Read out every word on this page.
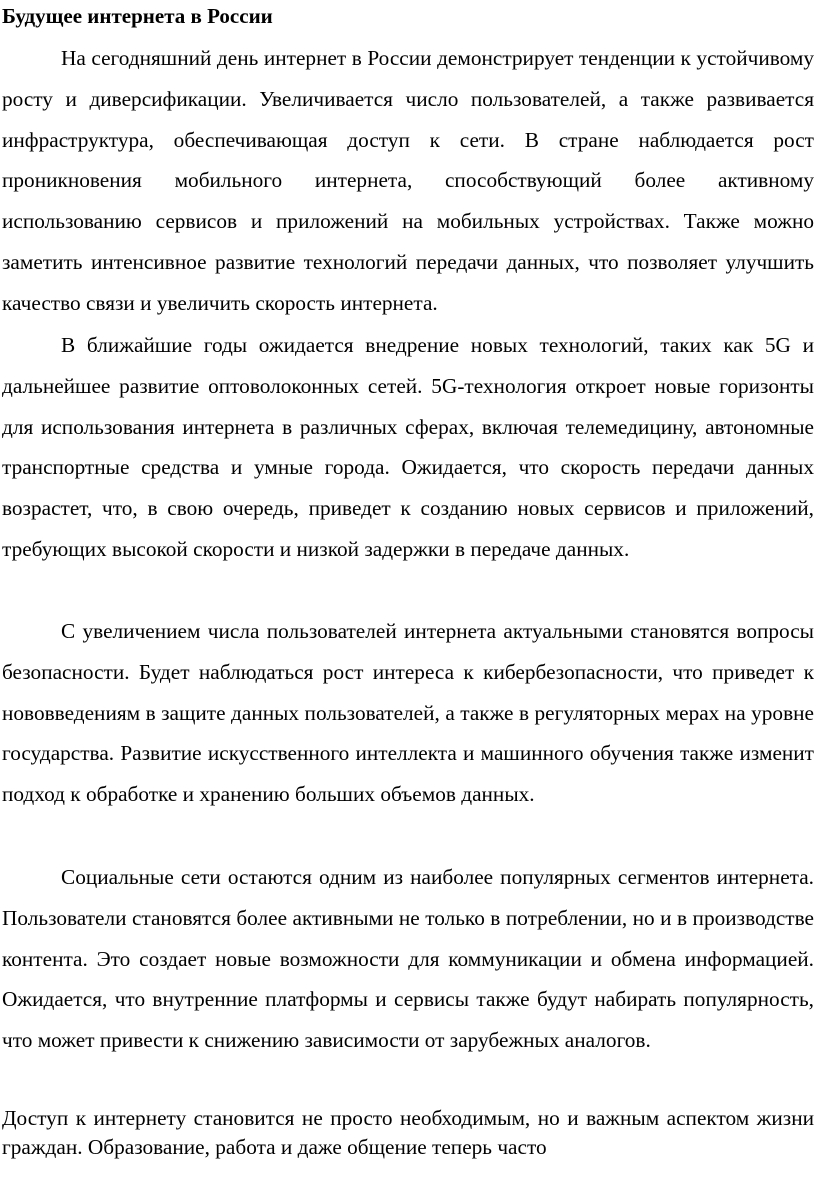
Будущее интернета в России

На сегодняшний день интернет в России демонстрирует тенденции к устойчивому росту и диверсификации. Увеличивается число пользователей, а также развивается инфраструктура, обеспечивающая доступ к сети. В стране наблюдается рост проникновения мобильного интернета, способствующий более активному использованию сервисов и приложений на мобильных устройствах. Также можно заметить интенсивное развитие технологий передачи данных, что позволяет улучшить качество связи и увеличить скорость интернета.

В ближайшие годы ожидается внедрение новых технологий, таких как 5G и дальнейшее развитие оптоволоконных сетей. 5G-технология откроет новые горизонты для использования интернета в различных сферах, включая телемедицину, автономные транспортные средства и умные города. Ожидается, что скорость передачи данных возрастет, что, в свою очередь, приведет к созданию новых сервисов и приложений, требующих высокой скорости и низкой задержки в передаче данных.

С увеличением числа пользователей интернета актуальными становятся вопросы безопасности. Будет наблюдаться рост интереса к кибербезопасности, что приведет к нововведениям в защите данных пользователей, а также в регуляторных мерах на уровне государства. Развитие искусственного интеллекта и машинного обучения также изменит подход к обработке и хранению больших объемов данных.

Социальные сети остаются одним из наиболее популярных сегментов интернета. Пользователи становятся более активными не только в потреблении, но и в производстве контента. Это создает новые возможности для коммуникации и обмена информацией. Ожидается, что внутренние платформы и сервисы также будут набирать популярность, что может привести к снижению зависимости от зарубежных аналогов.

Доступ к интернету становится не просто необходимым, но и важным аспектом жизни граждан. Образование, работа и даже общение теперь часто
